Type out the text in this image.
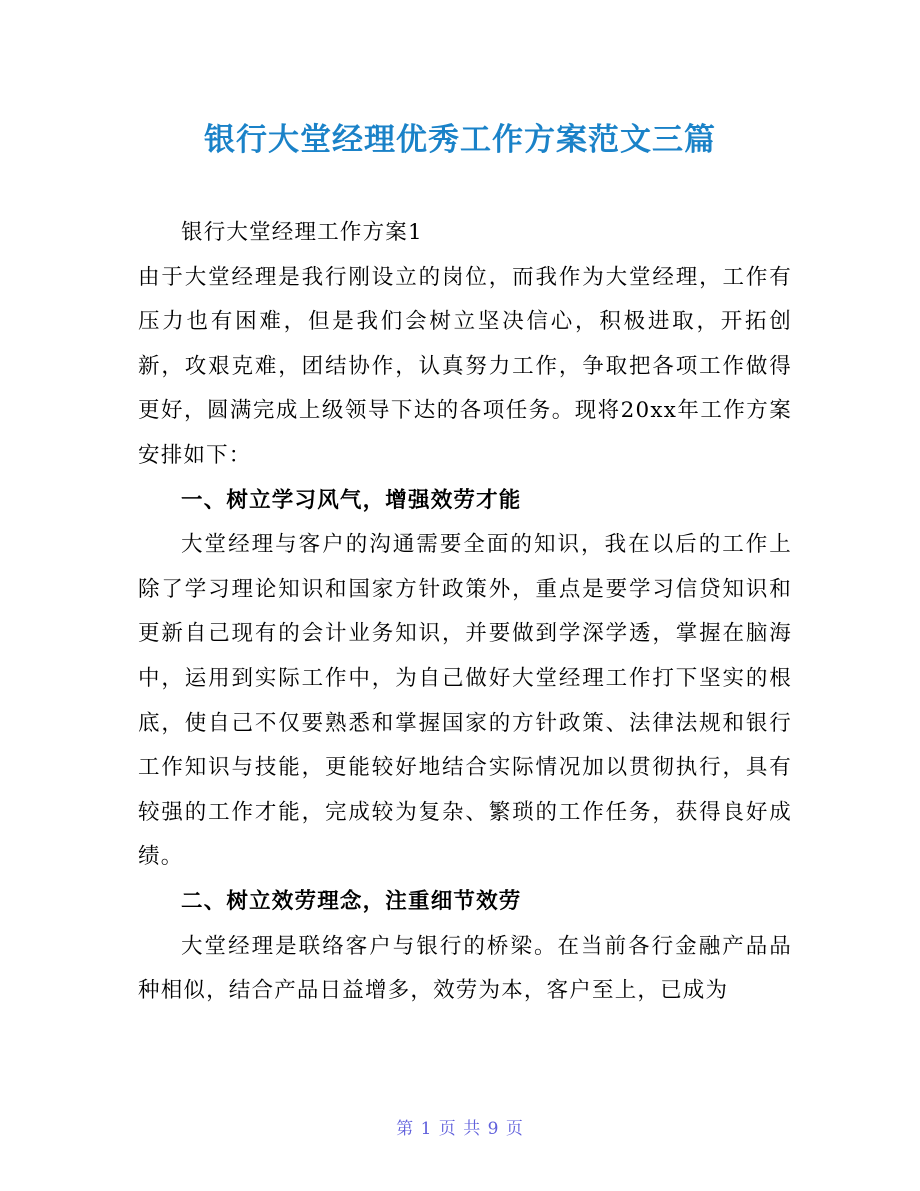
银行大堂经理优秀工作方案范文三篇

银行大堂经理工作方案1

由于大堂经理是我行刚设立的岗位，而我作为大堂经理，工作有压力也有困难，但是我们会树立坚决信心，积极进取，开拓创新，攻艰克难，团结协作，认真努力工作，争取把各项工作做得更好，圆满完成上级领导下达的各项任务。现将20xx年工作方案安排如下：

一、树立学习风气，增强效劳才能

大堂经理与客户的沟通需要全面的知识，我在以后的工作上除了学习理论知识和国家方针政策外，重点是要学习信贷知识和更新自己现有的会计业务知识，并要做到学深学透，掌握在脑海中，运用到实际工作中，为自己做好大堂经理工作打下坚实的根底，使自己不仅要熟悉和掌握国家的方针政策、法律法规和银行工作知识与技能，更能较好地结合实际情况加以贯彻执行，具有较强的工作才能，完成较为复杂、繁琐的工作任务，获得良好成绩。

二、树立效劳理念，注重细节效劳

大堂经理是联络客户与银行的桥梁。在当前各行金融产品品种相似，结合产品日益增多，效劳为本，客户至上，已成为

第 1 页 共 9 页
